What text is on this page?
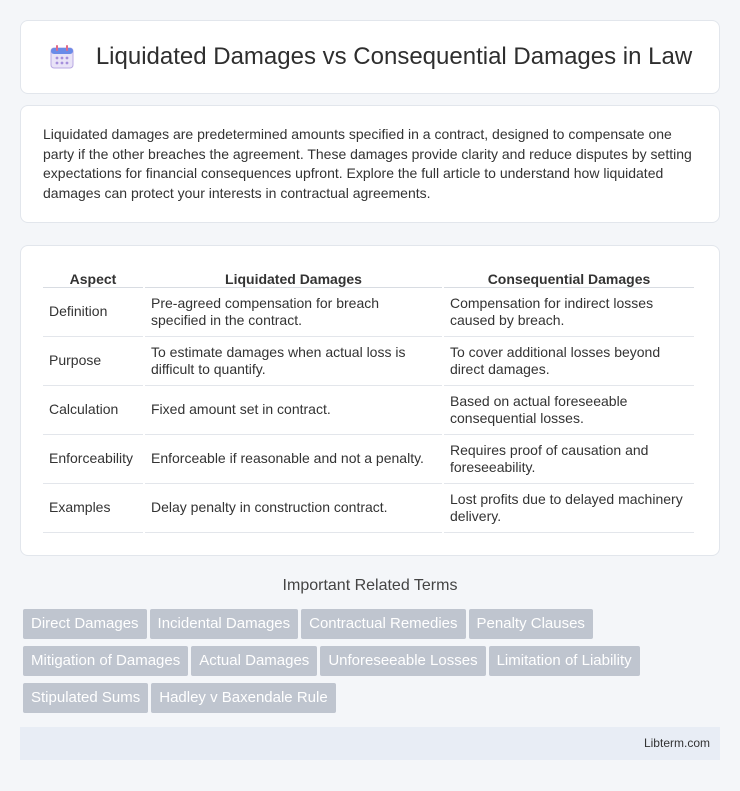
Liquidated Damages vs Consequential Damages in Law

Liquidated damages are predetermined amounts specified in a contract, designed to compensate one party if the other breaches the agreement. These damages provide clarity and reduce disputes by setting expectations for financial consequences upfront. Explore the full article to understand how liquidated damages can protect your interests in contractual agreements.

Aspect	Liquidated Damages	Consequential Damages
Definition	Pre-agreed compensation for breach specified in the contract.	Compensation for indirect losses caused by breach.
Purpose	To estimate damages when actual loss is difficult to quantify.	To cover additional losses beyond direct damages.
Calculation	Fixed amount set in contract.	Based on actual foreseeable consequential losses.
Enforceability	Enforceable if reasonable and not a penalty.	Requires proof of causation and foreseeability.
Examples	Delay penalty in construction contract.	Lost profits due to delayed machinery delivery.
Important Related Terms
Direct Damages Incidental Damages Contractual Remedies Penalty Clauses
Mitigation of Damages Actual Damages Unforeseeable Losses Limitation of Liability
Stipulated Sums Hadley v Baxendale Rule
Libterm.com
